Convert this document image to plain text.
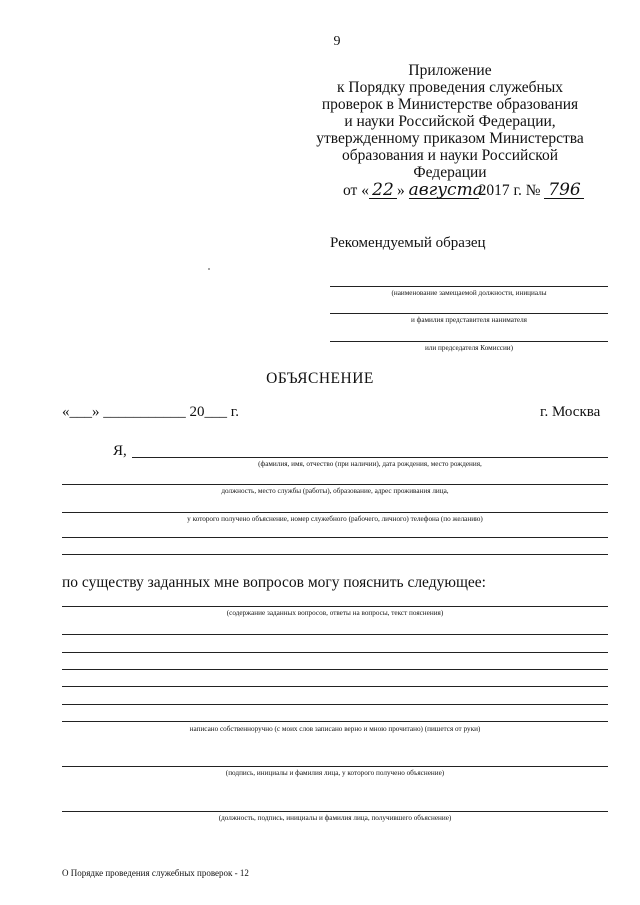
9
Приложение
к Порядку проведения служебных
проверок в Министерстве образования
и науки Российской Федерации,
утвержденному приказом Министерства
образования и науки Российской
Федерации
от « 22 » августа2017 г. № 796
Рекомендуемый образец
(наименование замещаемой должности, инициалы
и фамилия представителя нанимателя
или председателя Комиссии)
ОБЪЯСНЕНИЕ
«___» ___________ 20___ г.	г. Москва
Я,
(фамилия, имя, отчество (при наличии), дата рождения, место рождения,
должность, место службы (работы), образование, адрес проживания лица,
у которого получено объяснение, номер служебного (рабочего, личного) телефона (по желанию)
по существу заданных мне вопросов могу пояснить следующее:
(содержание заданных вопросов, ответы на вопросы, текст пояснения)
написано собственноручно (с моих слов записано верно и мною прочитано) (пишется от руки)
(подпись, инициалы и фамилия лица, у которого получено объяснение)
(должность, подпись, инициалы и фамилия лица, получившего объяснение)
О Порядке проведения служебных проверок - 12
